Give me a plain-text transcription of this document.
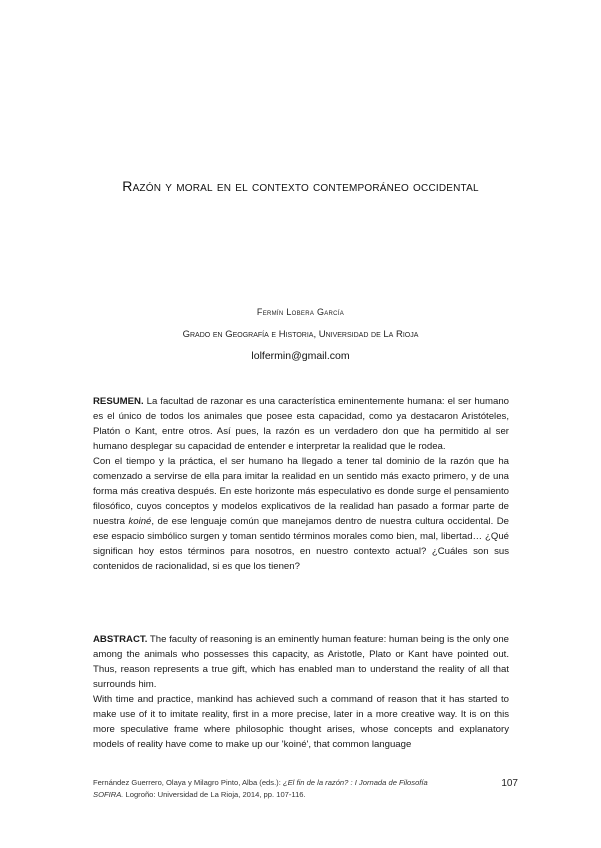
Razón y moral en el contexto contemporáneo occidental
Fermín Lobera García
Grado en Geografía e Historia, Universidad de La Rioja
lolfermin@gmail.com

RESUMEN. La facultad de razonar es una característica eminentemente humana: el ser humano es el único de todos los animales que posee esta capacidad, como ya destacaron Aristóteles, Platón o Kant, entre otros. Así pues, la razón es un verdadero don que ha permitido al ser humano desplegar su capacidad de entender e interpretar la realidad que le rodea.

Con el tiempo y la práctica, el ser humano ha llegado a tener tal dominio de la razón que ha comenzado a servirse de ella para imitar la realidad en un sentido más exacto primero, y de una forma más creativa después. En este horizonte más especulativo es donde surge el pensamiento filosófico, cuyos conceptos y modelos explicativos de la realidad han pasado a formar parte de nuestra koiné, de ese lenguaje común que manejamos dentro de nuestra cultura occidental. De ese espacio simbólico surgen y toman sentido términos morales como bien, mal, libertad… ¿Qué significan hoy estos términos para nosotros, en nuestro contexto actual? ¿Cuáles son sus contenidos de racionalidad, si es que los tienen?

ABSTRACT. The faculty of reasoning is an eminently human feature: human being is the only one among the animals who possesses this capacity, as Aristotle, Plato or Kant have pointed out. Thus, reason represents a true gift, which has enabled man to understand the reality of all that surrounds him.

With time and practice, mankind has achieved such a command of reason that it has started to make use of it to imitate reality, first in a more precise, later in a more creative way. It is on this more speculative frame where philosophic thought arises, whose concepts and explanatory models of reality have come to make up our 'koiné', that common language

Fernández Guerrero, Olaya y Milagro Pinto, Alba (eds.): ¿El fin de la razón? : I Jornada de Filosofía SOFIRA. Logroño: Universidad de La Rioja, 2014, pp. 107-116.
107
